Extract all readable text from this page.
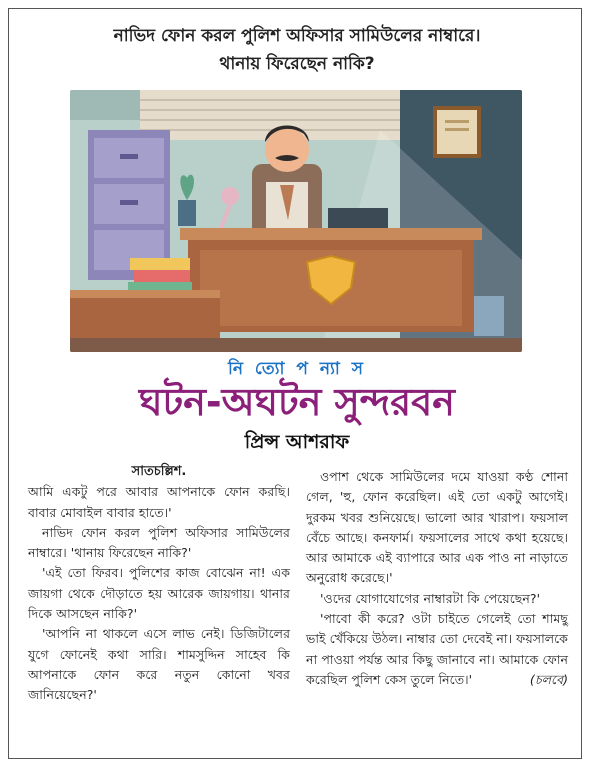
নাভিদ ফোন করল পুলিশ অফিসার সামিউলের নাম্বারে।
থানায় ফিরেছেন নাকি?
নি ত্যো প ন্যা স
ঘটন-অঘটন সুন্দরবন
প্রিন্স আশরাফ

সাতচল্লিশ.

আমি একটু পরে আবার আপনাকে ফোন করছি। বাবার মোবাইল বাবার হাতে।'

নাভিদ ফোন করল পুলিশ অফিসার সামিউলের নাম্বারে। 'থানায় ফিরেছেন নাকি?'

'এই তো ফিরব। পুলিশের কাজ বোঝেন না! এক জায়গা থেকে দৌড়াতে হয় আরেক জায়গায়। থানার দিকে আসছেন নাকি?'

'আপনি না থাকলে এসে লাভ নেই। ডিজিটালের যুগে ফোনেই কথা সারি। শামসুদ্দিন সাহেব কি আপনাকে ফোন করে নতুন কোনো খবর জানিয়েছেন?'

ওপাশ থেকে সামিউলের দমে যাওয়া কণ্ঠ শোনা গেল, 'হু, ফোন করেছিল। এই তো একটু আগেই। দুরকম খবর শুনিয়েছে। ভালো আর খারাপ। ফয়সাল বেঁচে আছে। কনফার্ম। ফয়সালের সাথে কথা হয়েছে। আর আমাকে এই ব্যাপারে আর এক পাও না নাড়াতে অনুরোধ করেছে।'

'ওদের যোগাযোগের নাম্বারটা কি পেয়েছেন?'

'পাবো কী করে? ওটা চাইতে গেলেই তো শামছু ভাই খেঁকিয়ে উঠল। নাম্বার তো দেবেই না। ফয়সালকে না পাওয়া পর্যন্ত আর কিছু জানাবে না। আমাকে ফোন করেছিল পুলিশ কেস তুলে নিতে।'	(চলবে)
